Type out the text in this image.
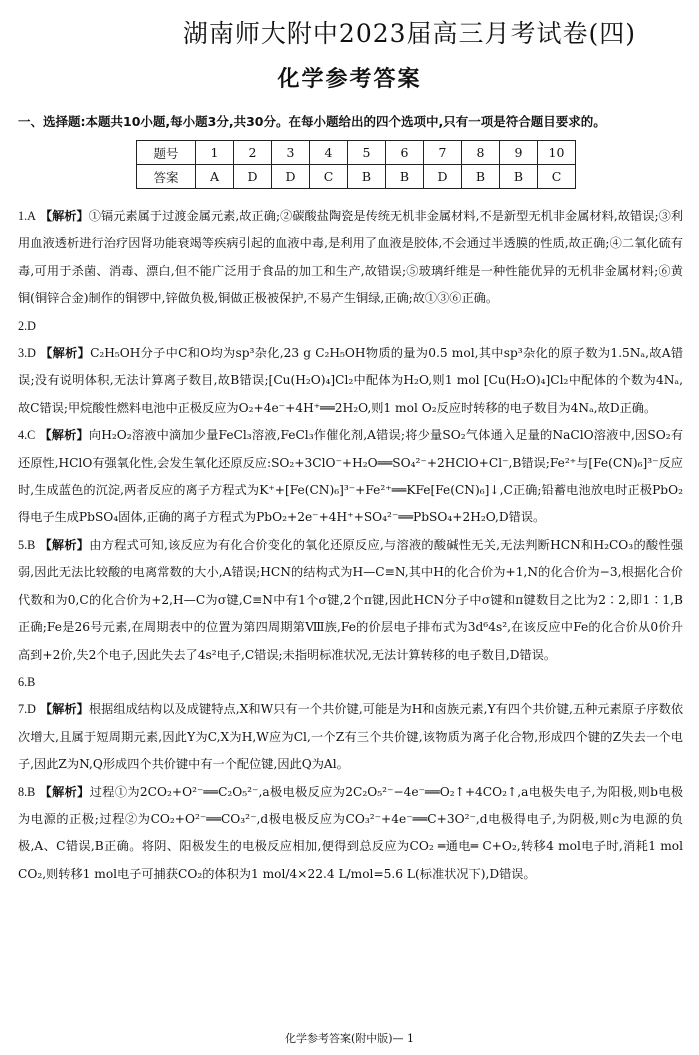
湖南师大附中2023届高三月考试卷(四)
化学参考答案
一、选择题:本题共10小题,每小题3分,共30分。在每小题给出的四个选项中,只有一项是符合题目要求的。
题号	1	2	3	4	5	6	7	8	9	10
答案	A	D	D	C	B	B	D	B	B	C
1.A 【解析】①镉元素属于过渡金属元素,故正确;②碳酸盐陶瓷是传统无机非金属材料,不是新型无机非金属材料,故错误;③利用血液透析进行治疗因肾功能衰竭等疾病引起的血液中毒,是利用了血液是胶体,不会通过半透膜的性质,故正确;④二氧化硫有毒,可用于杀菌、消毒、漂白,但不能广泛用于食品的加工和生产,故错误;⑤玻璃纤维是一种性能优异的无机非金属材料;⑥黄铜(铜锌合金)制作的铜锣中,锌做负极,铜做正极被保护,不易产生铜绿,正确;故①③⑥正确。
2.D
3.D 【解析】C₂H₅OH分子中C和O均为sp³杂化,23 g C₂H₅OH物质的量为0.5 mol,其中sp³杂化的原子数为1.5Nₐ,故A错误;没有说明体积,无法计算离子数目,故B错误;[Cu(H₂O)₄]Cl₂中配体为H₂O,则1 mol [Cu(H₂O)₄]Cl₂中配体的个数为4Nₐ,故C错误;甲烷酸性燃料电池中正极反应为O₂+4e⁻+4H⁺══2H₂O,则1 mol O₂反应时转移的电子数目为4Nₐ,故D正确。
4.C 【解析】向H₂O₂溶液中滴加少量FeCl₃溶液,FeCl₃作催化剂,A错误;将少量SO₂气体通入足量的NaClO溶液中,因SO₂有还原性,HClO有强氧化性,会发生氧化还原反应:SO₂+3ClO⁻+H₂O══SO₄²⁻+2HClO+Cl⁻,B错误;Fe²⁺与[Fe(CN)₆]³⁻反应时,生成蓝色的沉淀,两者反应的离子方程式为K⁺+[Fe(CN)₆]³⁻+Fe²⁺══KFe[Fe(CN)₆]↓,C正确;铅蓄电池放电时正极PbO₂得电子生成PbSO₄固体,正确的离子方程式为PbO₂+2e⁻+4H⁺+SO₄²⁻══PbSO₄+2H₂O,D错误。
5.B 【解析】由方程式可知,该反应为有化合价变化的氧化还原反应,与溶液的酸碱性无关,无法判断HCN和H₂CO₃的酸性强弱,因此无法比较酸的电离常数的大小,A错误;HCN的结构式为H—C≡N,其中H的化合价为+1,N的化合价为−3,根据化合价代数和为0,C的化合价为+2,H—C为σ键,C≡N中有1个σ键,2个π键,因此HCN分子中σ键和π键数目之比为2∶2,即1∶1,B正确;Fe是26号元素,在周期表中的位置为第四周期第Ⅷ族,Fe的价层电子排布式为3d⁶4s²,在该反应中Fe的化合价从0价升高到+2价,失2个电子,因此失去了4s²电子,C错误;未指明标准状况,无法计算转移的电子数目,D错误。
6.B
7.D 【解析】根据组成结构以及成键特点,X和W只有一个共价键,可能是为H和卤族元素,Y有四个共价键,五种元素原子序数依次增大,且属于短周期元素,因此Y为C,X为H,W应为Cl,一个Z有三个共价键,该物质为离子化合物,形成四个键的Z失去一个电子,因此Z为N,Q形成四个共价键中有一个配位键,因此Q为Al。
8.B 【解析】过程①为2CO₂+O²⁻══C₂O₅²⁻,a极电极反应为2C₂O₅²⁻−4e⁻══O₂↑+4CO₂↑,a电极失电子,为阳极,则b电极为电源的正极;过程②为CO₂+O²⁻══CO₃²⁻,d极电极反应为CO₃²⁻+4e⁻══C+3O²⁻,d电极得电子,为阴极,则c为电源的负极,A、C错误,B正确。将阴、阳极发生的电极反应相加,便得到总反应为CO₂ ═通电═ C+O₂,转移4 mol电子时,消耗1 mol CO₂,则转移1 mol电子可捕获CO₂的体积为1 mol/4×22.4 L/mol=5.6 L(标准状况下),D错误。
化学参考答案(附中版)— 1
